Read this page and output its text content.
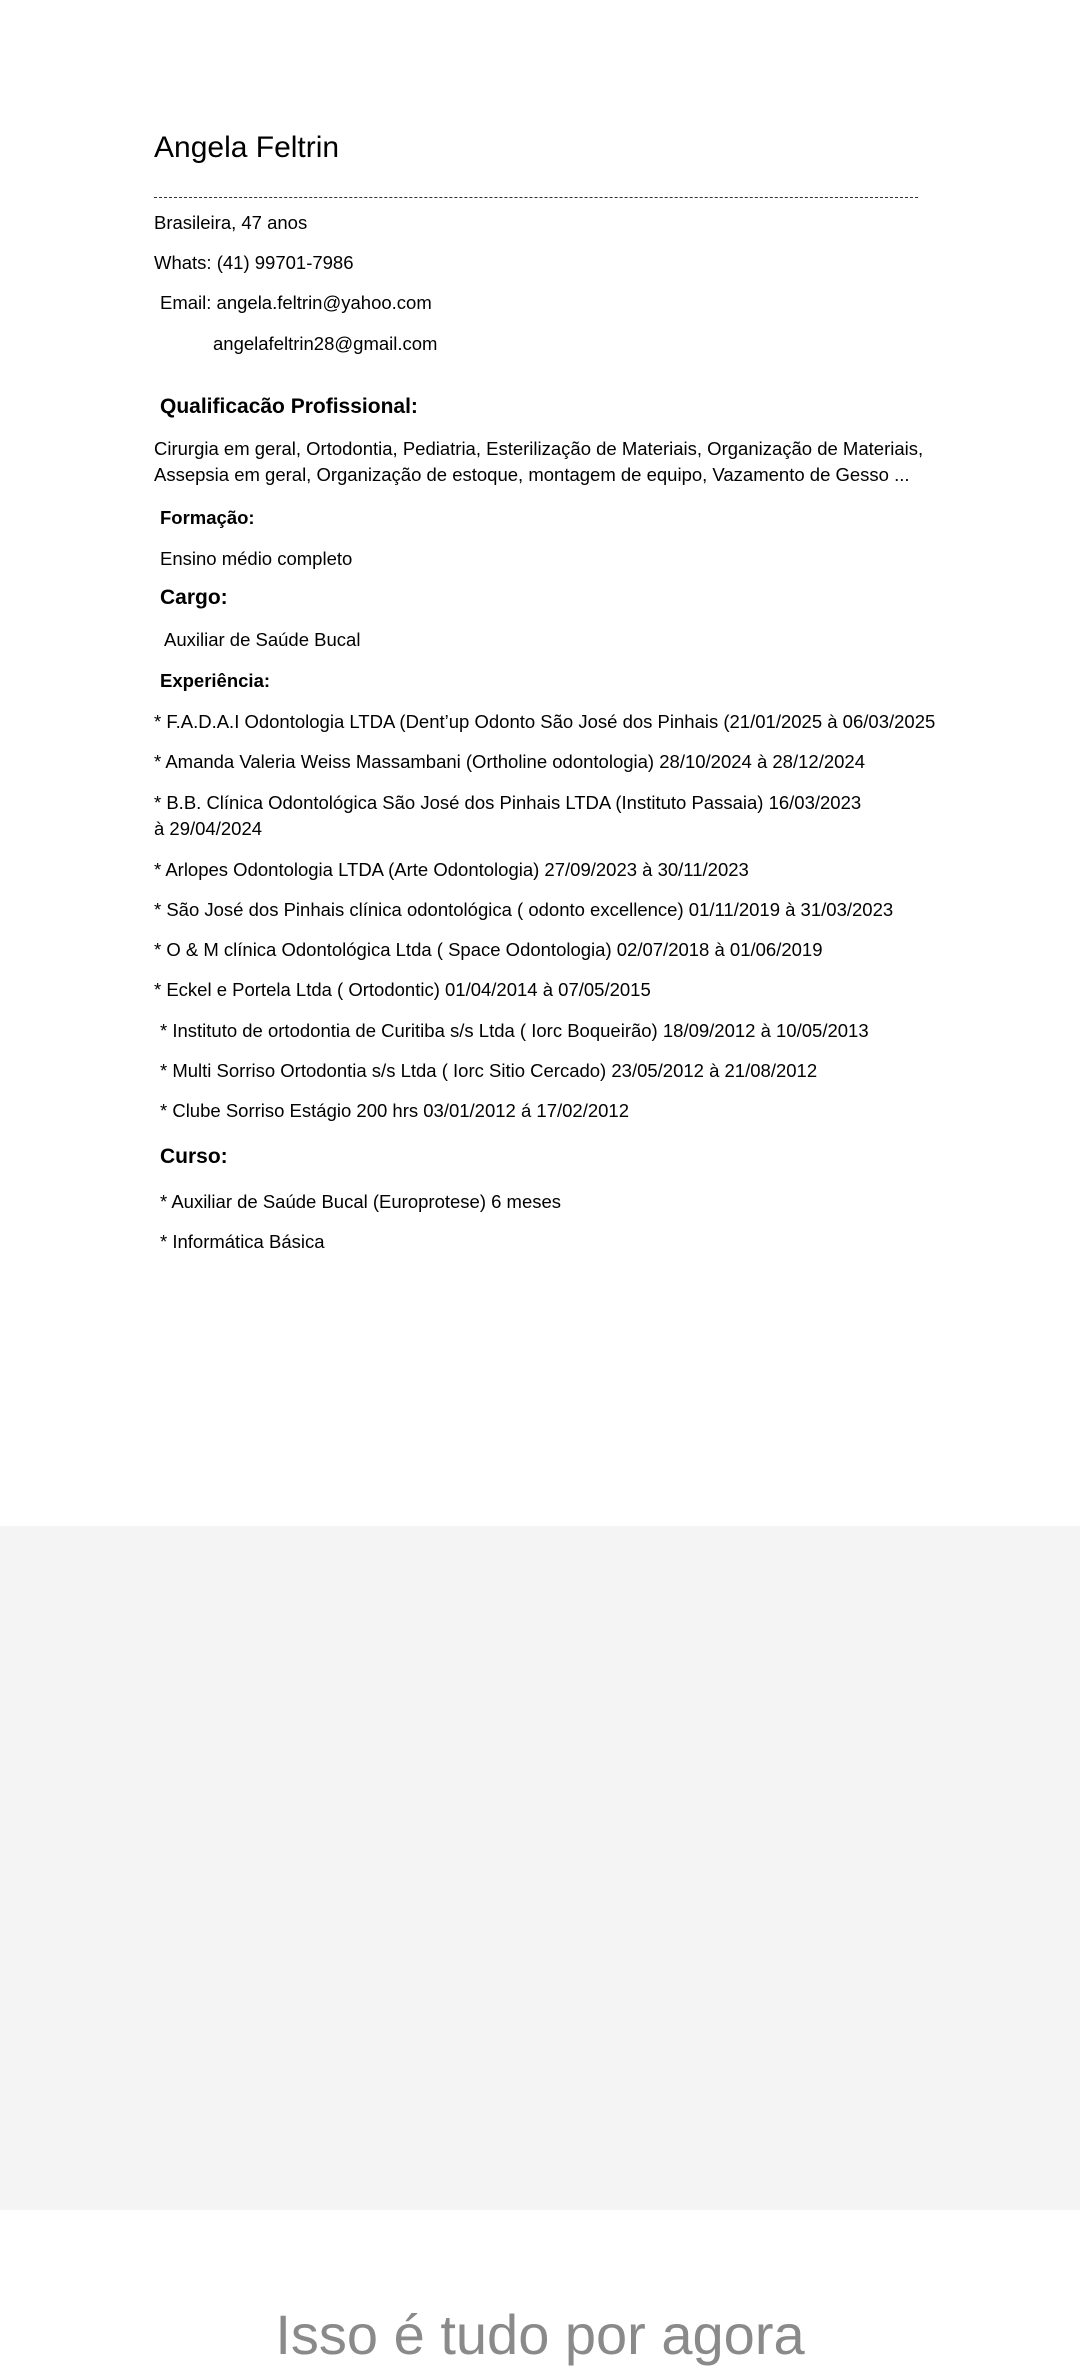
Angela Feltrin
Brasileira, 47 anos
Whats: (41) 99701-7986
Email: angela.feltrin@yahoo.com
angelafeltrin28@gmail.com
Qualificacão Profissional:
Cirurgia em geral, Ortodontia, Pediatria, Esterilização de Materiais, Organização de Materiais, Assepsia em geral, Organização de estoque, montagem de equipo, Vazamento de Gesso ...
Formação:
Ensino médio completo
Cargo:
Auxiliar de Saúde Bucal
Experiência:
* F.A.D.A.I Odontologia LTDA (Dent’up Odonto São José dos Pinhais (21/01/2025 à 06/03/2025
* Amanda Valeria Weiss Massambani (Ortholine odontologia) 28/10/2024 à 28/12/2024
* B.B. Clínica Odontológica São José dos Pinhais LTDA (Instituto Passaia) 16/03/2023 à 29/04/2024
* Arlopes Odontologia LTDA (Arte Odontologia) 27/09/2023 à 30/11/2023
* São José dos Pinhais clínica odontológica ( odonto excellence) 01/11/2019 à 31/03/2023
* O & M clínica Odontológica Ltda ( Space Odontologia) 02/07/2018 à 01/06/2019
* Eckel e Portela Ltda ( Ortodontic) 01/04/2014 à 07/05/2015
* Instituto de ortodontia de Curitiba s/s Ltda ( Iorc Boqueirão) 18/09/2012 à 10/05/2013
* Multi Sorriso Ortodontia s/s Ltda ( Iorc Sitio Cercado) 23/05/2012 à 21/08/2012
* Clube Sorriso Estágio 200 hrs 03/01/2012 á 17/02/2012
Curso:
* Auxiliar de Saúde Bucal (Europrotese) 6 meses
* Informática Básica
Isso é tudo por agora
